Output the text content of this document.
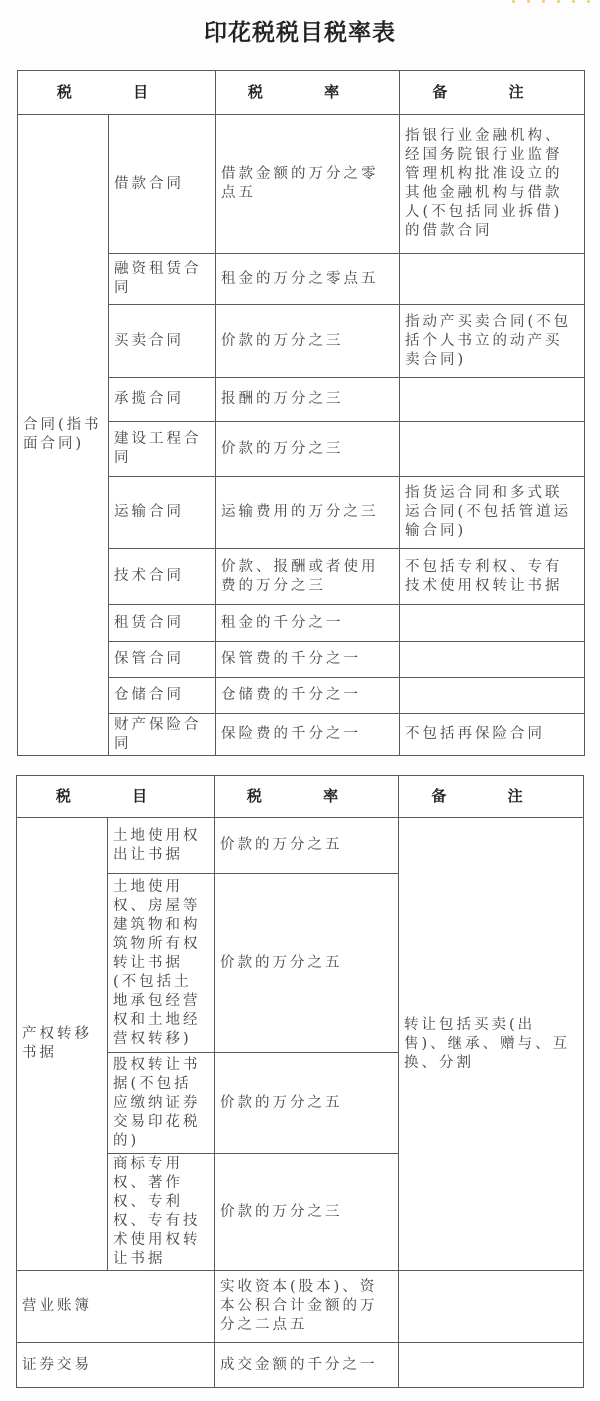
印花税税目税率表
税 目		税 率	备 注
合同(指书面合同)	借款合同	借款金额的万分之零点五	指银行业金融机构、经国务院银行业监督管理机构批准设立的其他金融机构与借款人(不包括同业拆借)的借款合同
	融资租赁合同	租金的万分之零点五	
	买卖合同	价款的万分之三	指动产买卖合同(不包括个人书立的动产买卖合同)
	承揽合同	报酬的万分之三	
	建设工程合同	价款的万分之三	
	运输合同	运输费用的万分之三	指货运合同和多式联运合同(不包括管道运输合同)
	技术合同	价款、报酬或者使用费的万分之三	不包括专利权、专有技术使用权转让书据
	租赁合同	租金的千分之一	
	保管合同	保管费的千分之一	
	仓储合同	仓储费的千分之一	
	财产保险合同	保险费的千分之一	不包括再保险合同
税 目		税 率	备 注
产权转移书据	土地使用权出让书据	价款的万分之五	转让包括买卖(出售)、继承、赠与、互换、分割
	土地使用权、房屋等建筑物和构筑物所有权转让书据(不包括土地承包经营权和土地经营权转移)	价款的万分之五	
	股权转让书据(不包括应缴纳证券交易印花税的)	价款的万分之五	
	商标专用权、著作权、专利权、专有技术使用权转让书据	价款的万分之三	
营业账簿		实收资本(股本)、资本公积合计金额的万分之二点五	
证券交易		成交金额的千分之一	
